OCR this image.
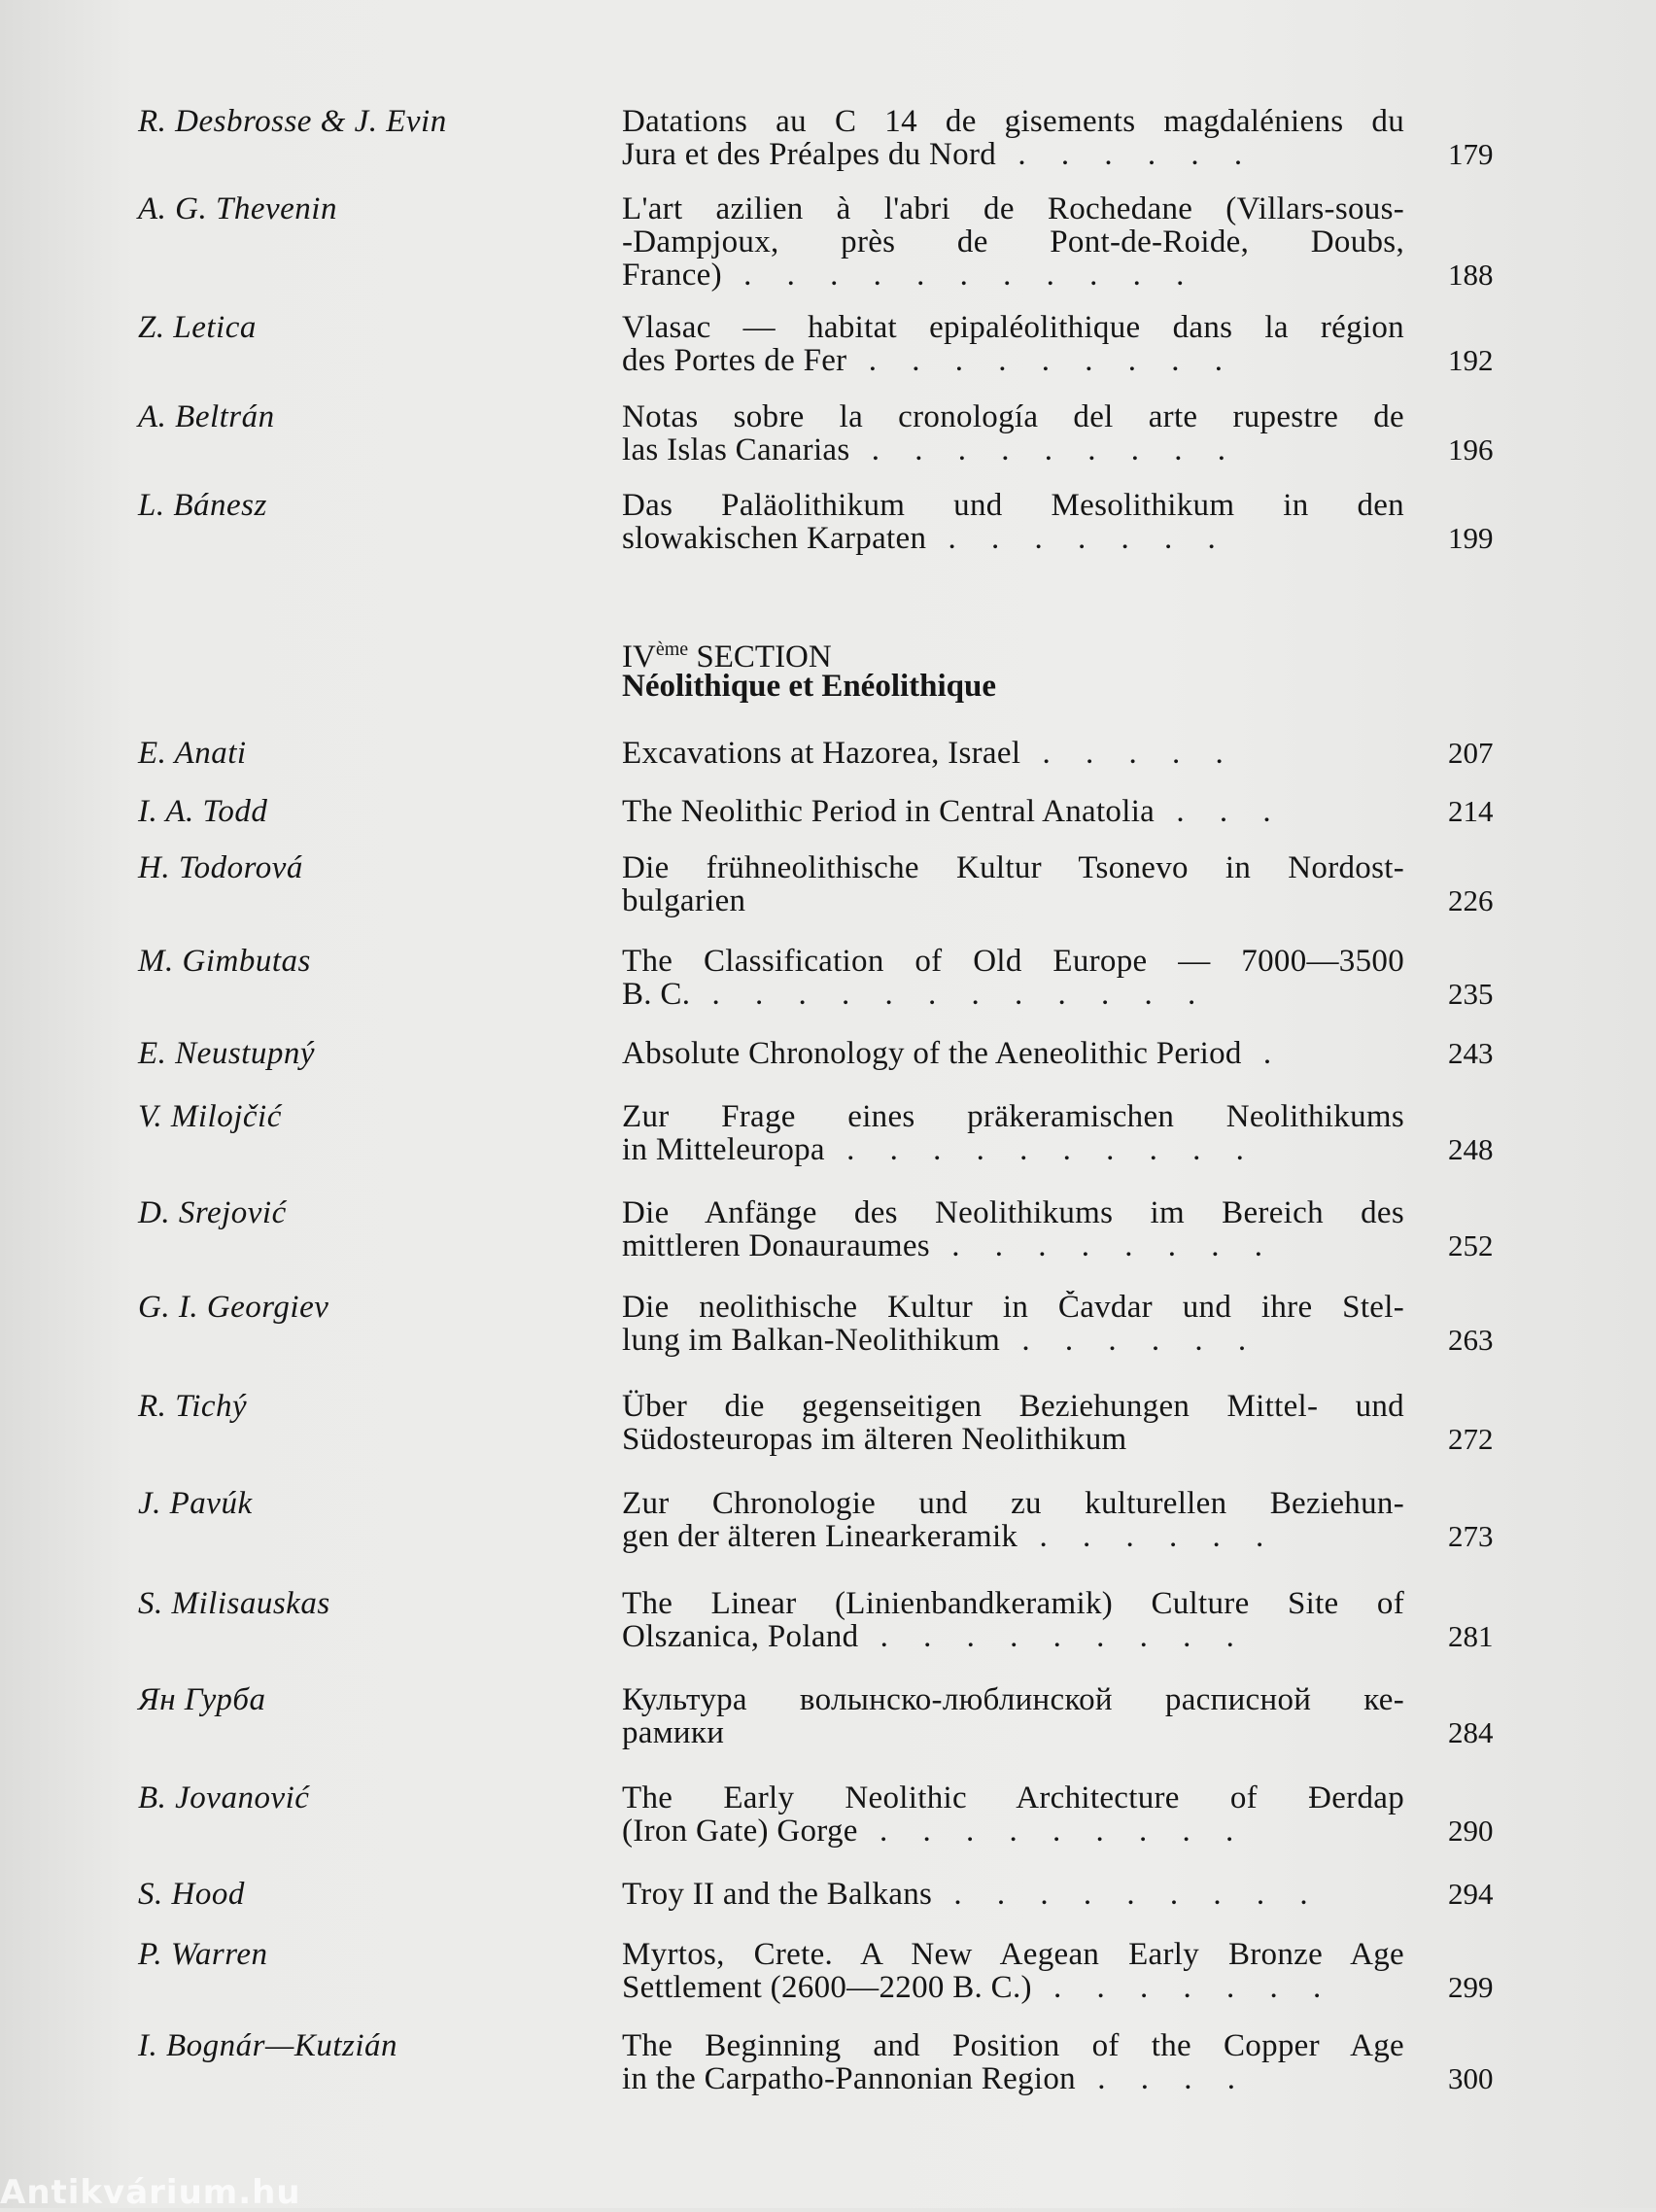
R. Desbrosse & J. Evin	Datations au C 14 de gisements magdaléniens du
Jura et des Préalpes du Nord . . . . . .	179
A. G. Thevenin	L'art azilien à l'abri de Rochedane (Villars-sous-
-Dampjoux, près de Pont-de-Roide, Doubs,
France) . . . . . . . . . . .	188
Z. Letica	Vlasac — habitat epipaléolithique dans la région
des Portes de Fer . . . . . . . . .	192
A. Beltrán	Notas sobre la cronología del arte rupestre de
las Islas Canarias . . . . . . . . .	196
L. Bánesz	Das Paläolithikum und Mesolithikum in den
slowakischen Karpaten . . . . . . .	199
E. Anati	Excavations at Hazorea, Israel . . . . .	207
I. A. Todd	The Neolithic Period in Central Anatolia . . .	214
H. Todorová	Die frühneolithische Kultur Tsonevo in Nordost-
bulgarien	226
M. Gimbutas	The Classification of Old Europe — 7000—3500
B. C. . . . . . . . . . . . .	235
E. Neustupný	Absolute Chronology of the Aeneolithic Period .	243
V. Milojčić	Zur Frage eines präkeramischen Neolithikums
in Mitteleuropa . . . . . . . . . .	248
D. Srejović	Die Anfänge des Neolithikums im Bereich des
mittleren Donauraumes . . . . . . . .	252
G. I. Georgiev	Die neolithische Kultur in Čavdar und ihre Stel-
lung im Balkan-Neolithikum . . . . . .	263
R. Tichý	Über die gegenseitigen Beziehungen Mittel- und
Südosteuropas im älteren Neolithikum	272
J. Pavúk	Zur Chronologie und zu kulturellen Beziehun-
gen der älteren Linearkeramik . . . . . .	273
S. Milisauskas	The Linear (Linienbandkeramik) Culture Site of
Olszanica, Poland . . . . . . . . .	281
Ян Гурба	Культура волынско-люблинской расписной ке-
рамики	284
B. Jovanović	The Early Neolithic Architecture of Đerdap
(Iron Gate) Gorge . . . . . . . . .	290
S. Hood	Troy II and the Balkans . . . . . . . . .	294
P. Warren	Myrtos, Crete. A New Aegean Early Bronze Age
Settlement (2600—2200 B. C.) . . . . . . .	299
I. Bognár—Kutzián	The Beginning and Position of the Copper Age
in the Carpatho-Pannonian Region . . . .	300
IVème SECTION
Néolithique et Enéolithique
Antikvárium.hu
